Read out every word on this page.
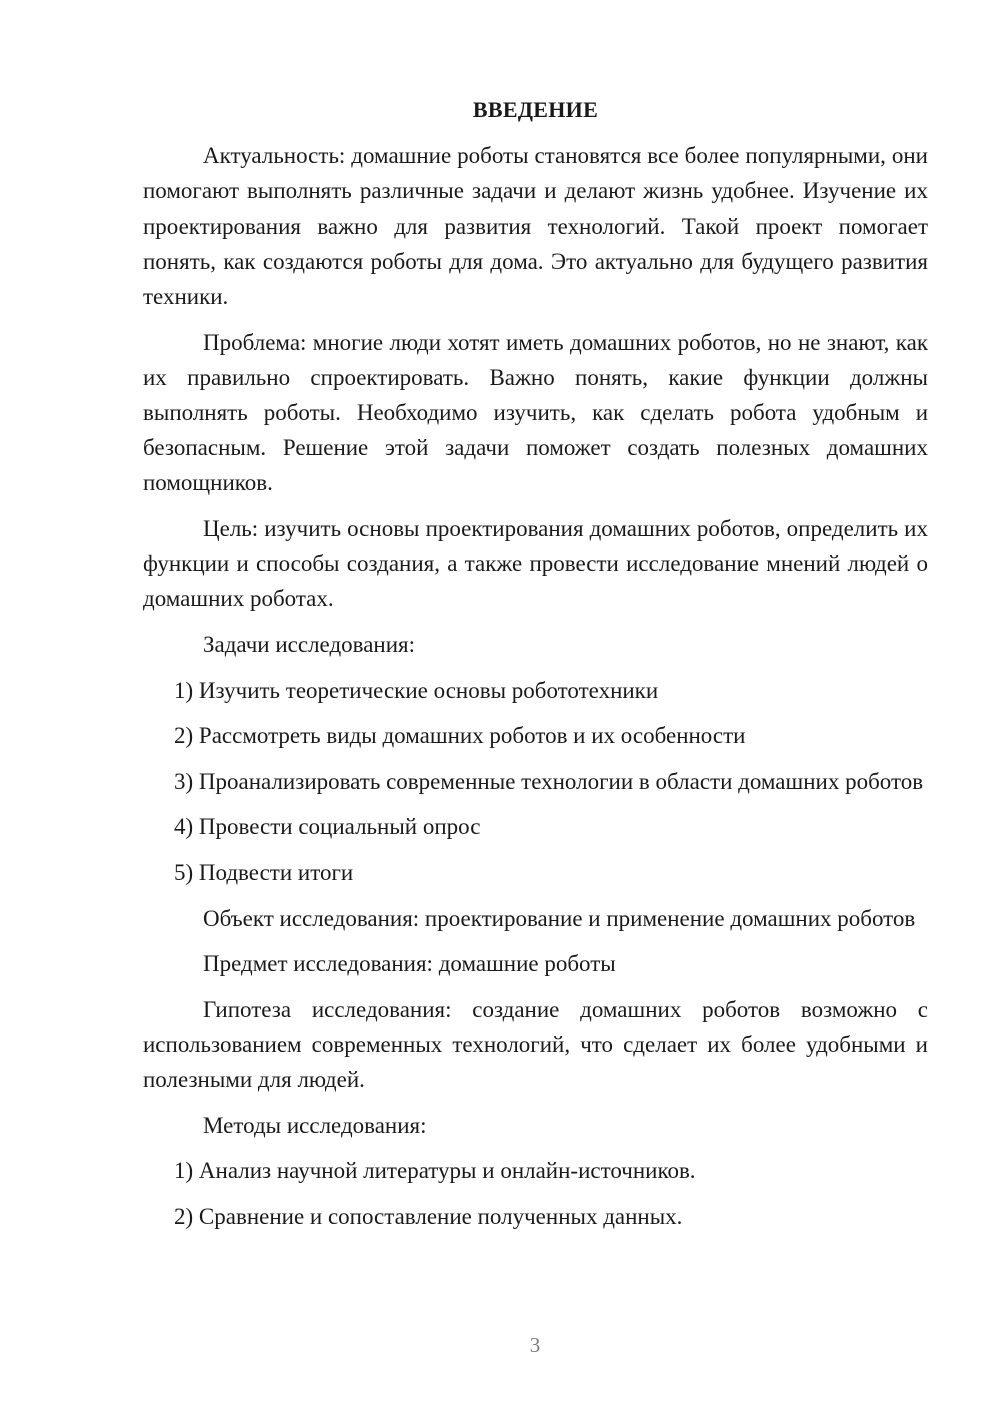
ВВЕДЕНИЕ

Актуальность: домашние роботы становятся все более популярными, они помогают выполнять различные задачи и делают жизнь удобнее. Изучение их проектирования важно для развития технологий. Такой проект помогает понять, как создаются роботы для дома. Это актуально для будущего развития техники.

Проблема: многие люди хотят иметь домашних роботов, но не знают, как их правильно спроектировать. Важно понять, какие функции должны выполнять роботы. Необходимо изучить, как сделать робота удобным и безопасным. Решение этой задачи поможет создать полезных домашних помощников.

Цель: изучить основы проектирования домашних роботов, определить их функции и способы создания, а также провести исследование мнений людей о домашних роботах.

Задачи исследования:

1) Изучить теоретические основы робототехники

2) Рассмотреть виды домашних роботов и их особенности

3) Проанализировать современные технологии в области домашних роботов

4) Провести социальный опрос

5) Подвести итоги

Объект исследования: проектирование и применение домашних роботов

Предмет исследования: домашние роботы

Гипотеза исследования: создание домашних роботов возможно с использованием современных технологий, что сделает их более удобными и полезными для людей.

Методы исследования:

1) Анализ научной литературы и онлайн-источников.

2) Сравнение и сопоставление полученных данных.

3
